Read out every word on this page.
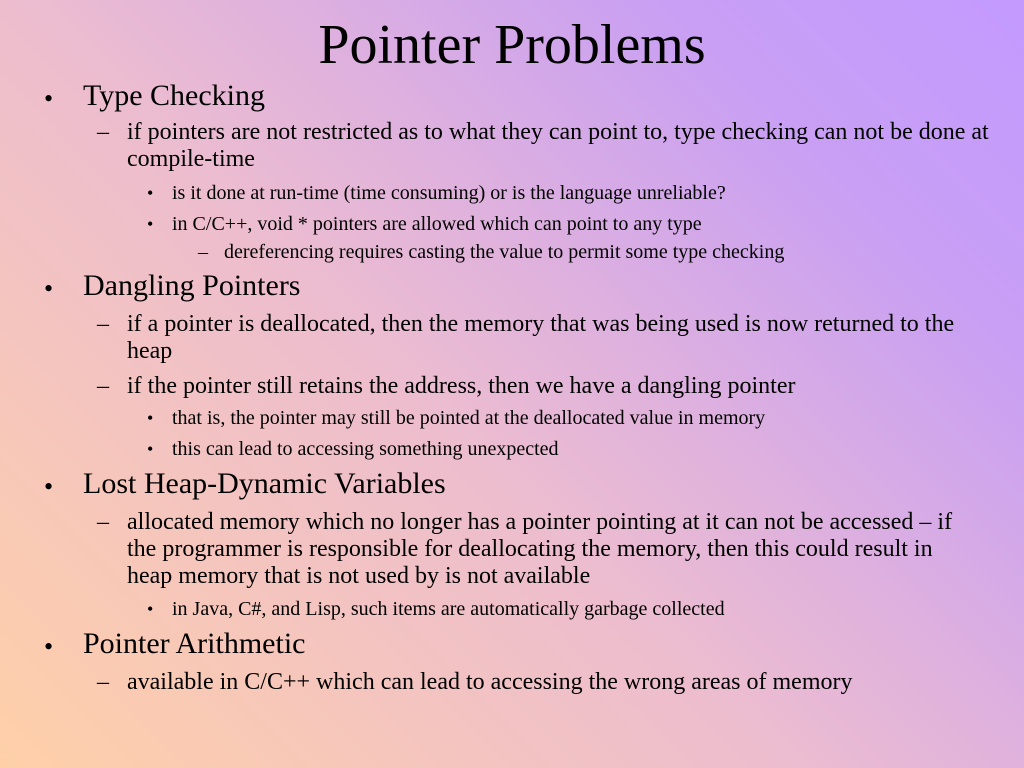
Pointer Problems
• Type Checking
– if pointers are not restricted as to what they can point to, type checking can not be done at compile-time
• is it done at run-time (time consuming) or is the language unreliable?
• in C/C++, void * pointers are allowed which can point to any type
– dereferencing requires casting the value to permit some type checking
• Dangling Pointers
– if a pointer is deallocated, then the memory that was being used is now returned to the heap
– if the pointer still retains the address, then we have a dangling pointer
• that is, the pointer may still be pointed at the deallocated value in memory
• this can lead to accessing something unexpected
• Lost Heap-Dynamic Variables
– allocated memory which no longer has a pointer pointing at it can not be accessed – if the programmer is responsible for deallocating the memory, then this could result in heap memory that is not used by is not available
• in Java, C#, and Lisp, such items are automatically garbage collected
• Pointer Arithmetic
– available in C/C++ which can lead to accessing the wrong areas of memory
